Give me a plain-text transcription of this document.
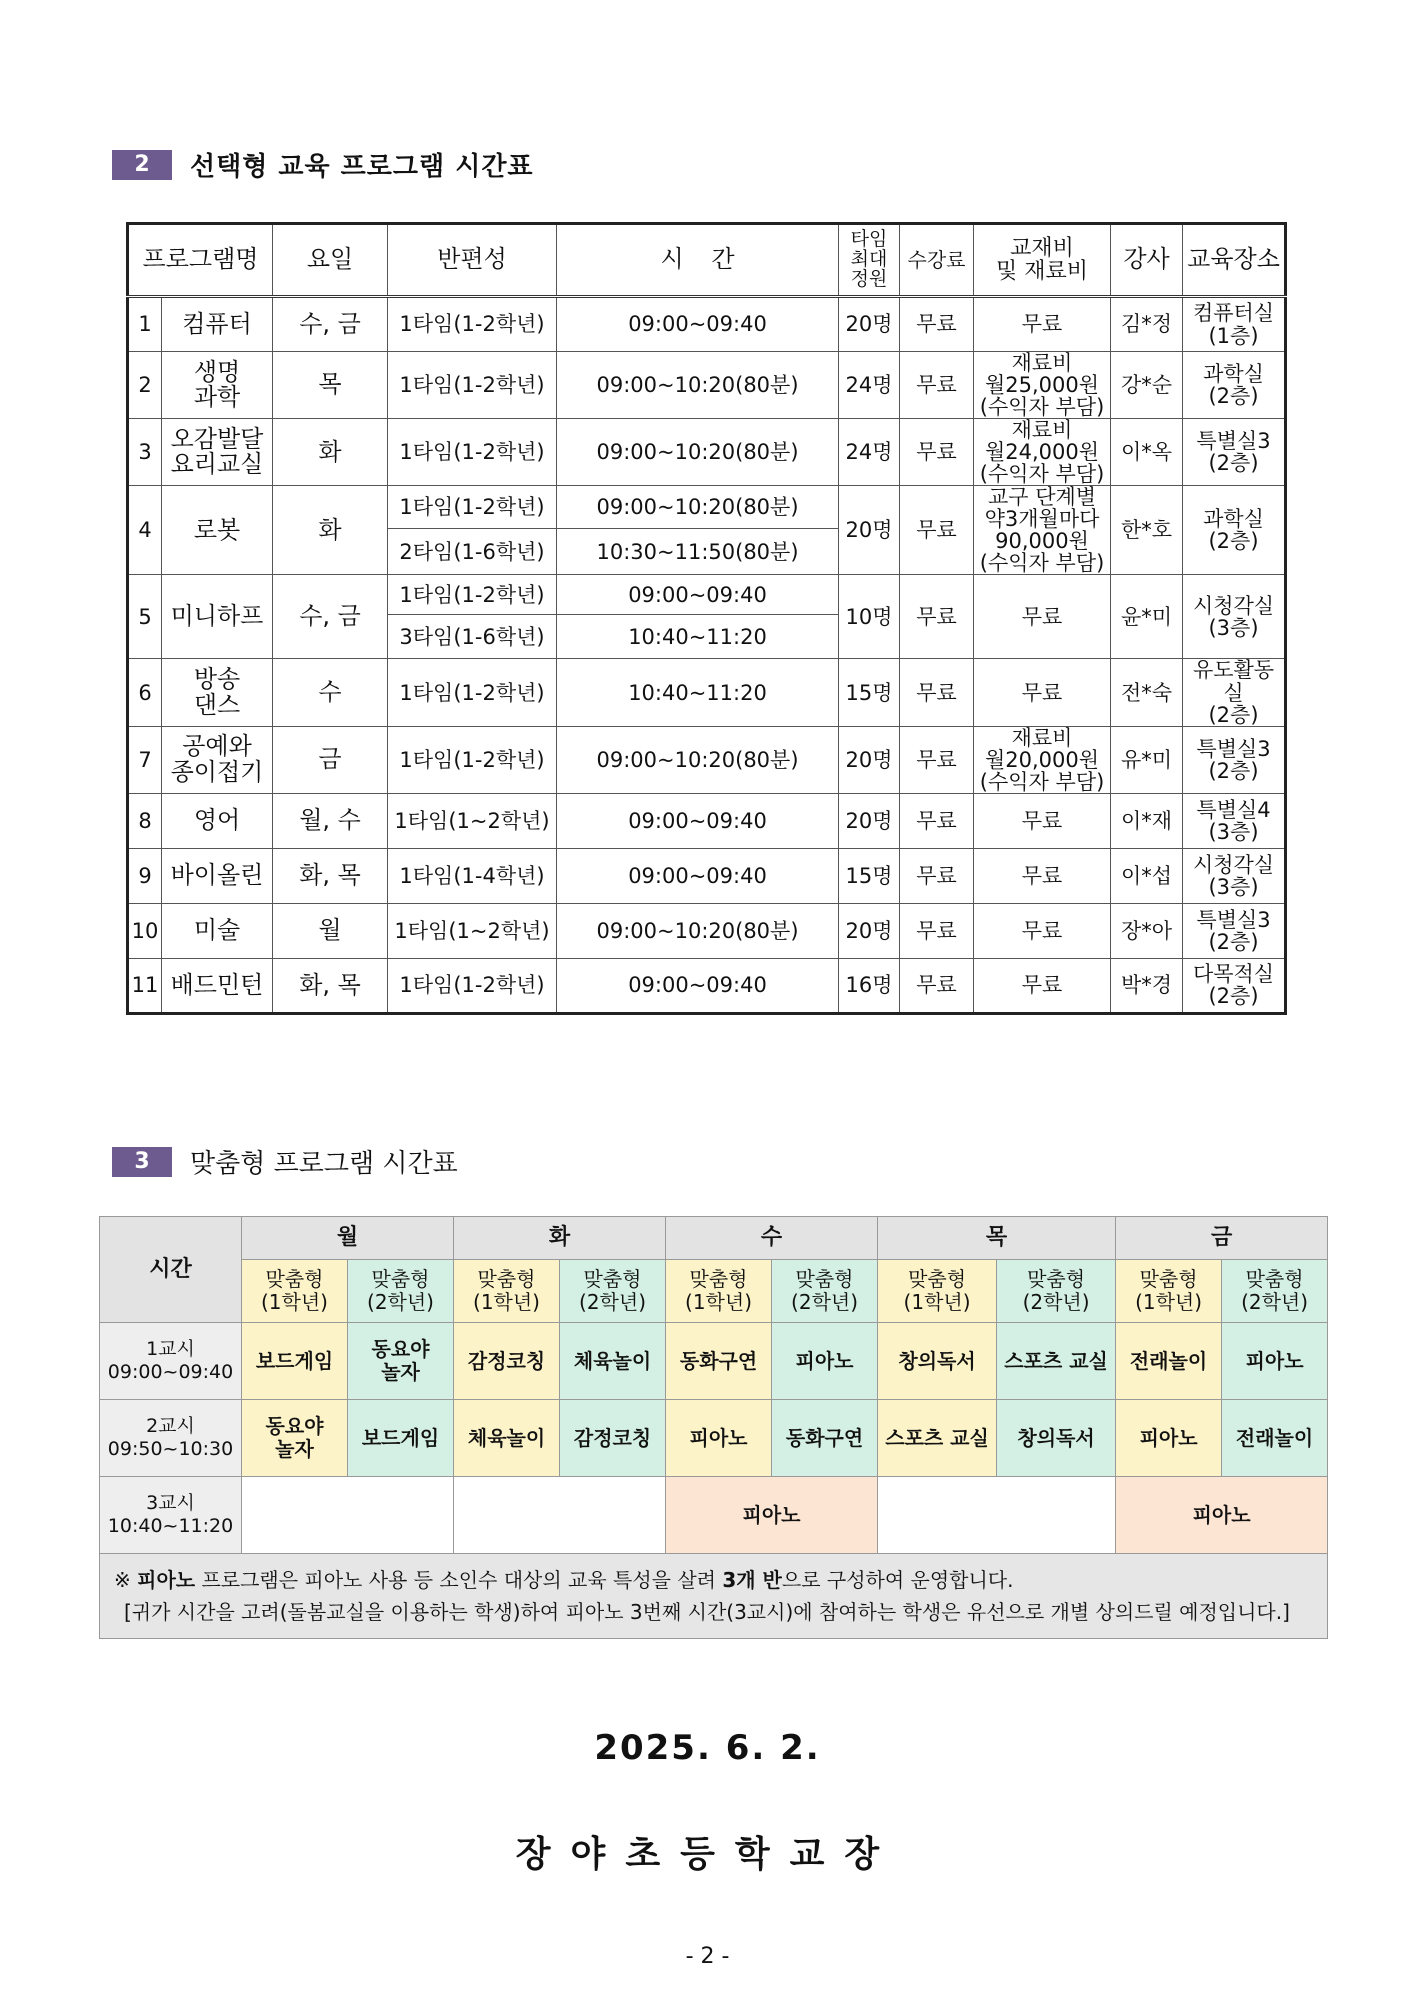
2	선택형 교육 프로그램 시간표
프로그램명		요일	반편성	시 간	타임
최대
정원	수강료	교재비
및 재료비	강사	교육장소
1	컴퓨터	수, 금	1타임(1-2학년)	09:00~09:40	20명	무료	무료	김*정	컴퓨터실
(1층)
2	생명
과학	목	1타임(1-2학년)	09:00~10:20(80분)	24명	무료	재료비
월25,000원
(수익자 부담)	강*순	과학실
(2층)
3	오감발달
요리교실	화	1타임(1-2학년)	09:00~10:20(80분)	24명	무료	재료비
월24,000원
(수익자 부담)	이*옥	특별실3
(2층)
4	로봇	화	1타임(1-2학년)	09:00~10:20(80분)	20명	무료	교구 단계별
약3개월마다
90,000원
(수익자 부담)	한*호	과학실
(2층)
			2타임(1-6학년)	10:30~11:50(80분)					
5	미니하프	수, 금	1타임(1-2학년)	09:00~09:40	10명	무료	무료	윤*미	시청각실
(3층)
			3타임(1-6학년)	10:40~11:20					
6	방송
댄스	수	1타임(1-2학년)	10:40~11:20	15명	무료	무료	전*숙	유도활동실
(2층)
7	공예와
종이접기	금	1타임(1-2학년)	09:00~10:20(80분)	20명	무료	재료비
월20,000원
(수익자 부담)	유*미	특별실3
(2층)
8	영어	월, 수	1타임(1~2학년)	09:00~09:40	20명	무료	무료	이*재	특별실4
(3층)
9	바이올린	화, 목	1타임(1-4학년)	09:00~09:40	15명	무료	무료	이*섭	시청각실
(3층)
10	미술	월	1타임(1~2학년)	09:00~10:20(80분)	20명	무료	무료	장*아	특별실3
(2층)
11	배드민턴	화, 목	1타임(1-2학년)	09:00~09:40	16명	무료	무료	박*경	다목적실
(2층)
3	맞춤형 프로그램 시간표
시간	월		화		수		목		금	
	맞춤형
(1학년)	맞춤형
(2학년)	맞춤형
(1학년)	맞춤형
(2학년)	맞춤형
(1학년)	맞춤형
(2학년)	맞춤형
(1학년)	맞춤형
(2학년)	맞춤형
(1학년)	맞춤형
(2학년)
1교시
09:00~09:40	보드게임	동요야
놀자	감정코칭	체육놀이	동화구연	피아노	창의독서	스포츠 교실	전래놀이	피아노
2교시
09:50~10:30	동요야
놀자	보드게임	체육놀이	감정코칭	피아노	동화구연	스포츠 교실	창의독서	피아노	전래놀이
3교시
10:40~11:20					피아노				피아노	

※ 피아노 프로그램은 피아노 사용 등 소인수 대상의 교육 특성을 살려 3개 반으로 구성하여 운영합니다.
[귀가 시간을 고려(돌봄교실을 이용하는 학생)하여 피아노 3번째 시간(3교시)에 참여하는 학생은 유선으로 개별 상의드릴 예정입니다.]										
2025. 6. 2.
장야초등학교장
- 2 -
